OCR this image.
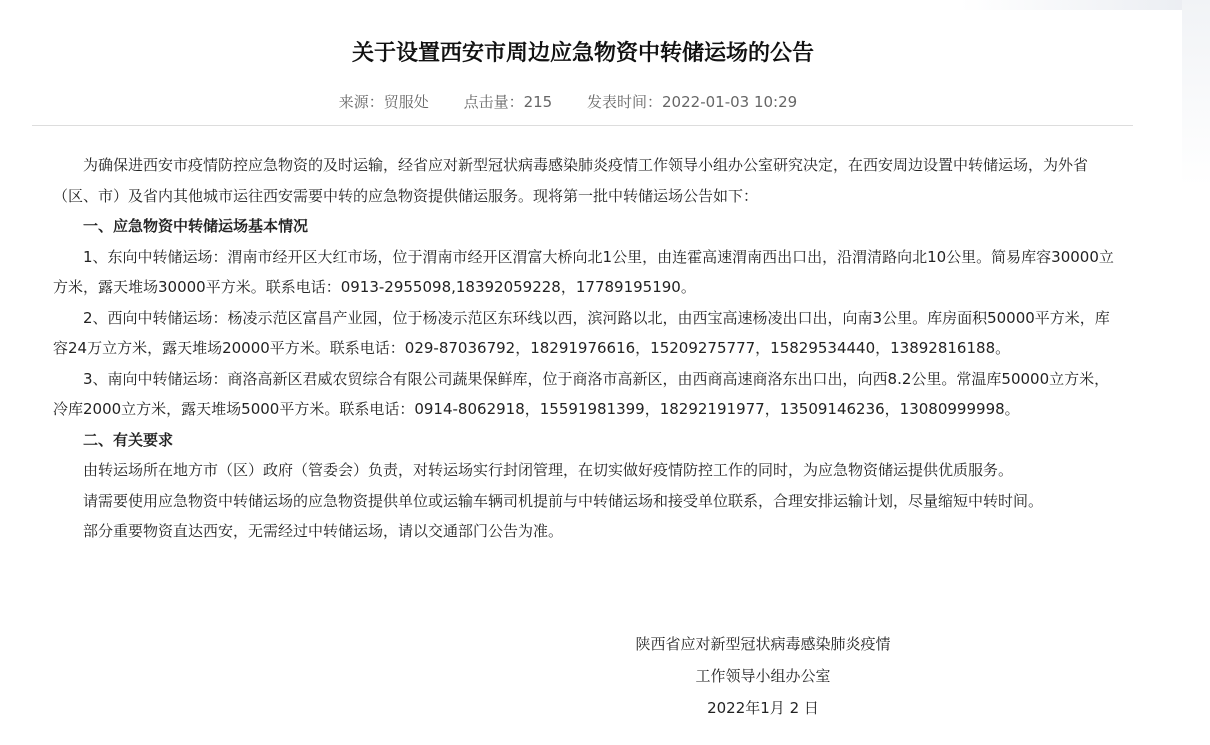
关于设置西安市周边应急物资中转储运场的公告
来源：贸服处 点击量：215 发表时间：2022-01-03 10:29

为确保进西安市疫情防控应急物资的及时运输，经省应对新型冠状病毒感染肺炎疫情工作领导小组办公室研究决定，在西安周边设置中转储运场，为外省（区、市）及省内其他城市运往西安需要中转的应急物资提供储运服务。现将第一批中转储运场公告如下：

一、应急物资中转储运场基本情况

1、东向中转储运场：渭南市经开区大红市场，位于渭南市经开区渭富大桥向北1公里，由连霍高速渭南西出口出，沿渭清路向北10公里。简易库容30000立方米，露天堆场30000平方米。联系电话：0913-2955098,18392059228，17789195190。

2、西向中转储运场：杨凌示范区富昌产业园，位于杨凌示范区东环线以西，滨河路以北，由西宝高速杨凌出口出，向南3公里。库房面积50000平方米，库容24万立方米，露天堆场20000平方米。联系电话：029-87036792，18291976616，15209275777，15829534440，13892816188。

3、南向中转储运场：商洛高新区君威农贸综合有限公司蔬果保鲜库，位于商洛市高新区，由西商高速商洛东出口出，向西8.2公里。常温库50000立方米，冷库2000立方米，露天堆场5000平方米。联系电话：0914-8062918，15591981399，18292191977，13509146236，13080999998。

二、有关要求

由转运场所在地方市（区）政府（管委会）负责，对转运场实行封闭管理，在切实做好疫情防控工作的同时，为应急物资储运提供优质服务。

请需要使用应急物资中转储运场的应急物资提供单位或运输车辆司机提前与中转储运场和接受单位联系，合理安排运输计划，尽量缩短中转时间。

部分重要物资直达西安，无需经过中转储运场，请以交通部门公告为准。

陕西省应对新型冠状病毒感染肺炎疫情
工作领导小组办公室
2022年1月 2 日
